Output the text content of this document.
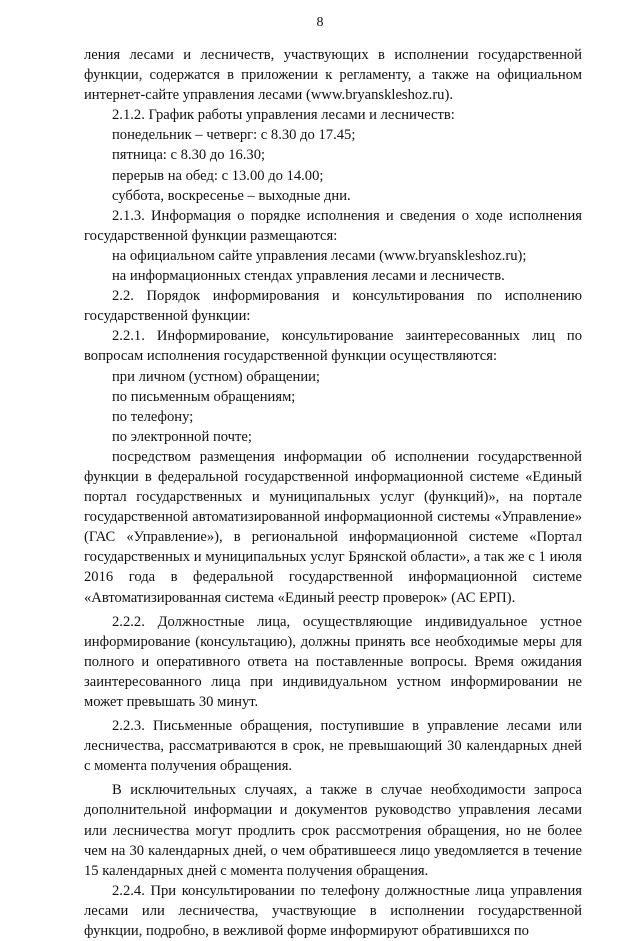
8

ления лесами и лесничеств, участвующих в исполнении государственной функции, содержатся в приложении к регламенту, а также на официальном интернет-сайте управления лесами (www.bryanskleshoz.ru).

2.1.2. График работы управления лесами и лесничеств:

понедельник – четверг: с 8.30 до 17.45;

пятница: с 8.30 до 16.30;

перерыв на обед: с 13.00 до 14.00;

суббота, воскресенье – выходные дни.

2.1.3. Информация о порядке исполнения и сведения о ходе исполнения государственной функции размещаются:

на официальном сайте управления лесами (www.bryanskleshoz.ru);

на информационных стендах управления лесами и лесничеств.

2.2. Порядок информирования и консультирования по исполнению государственной функции:

2.2.1. Информирование, консультирование заинтересованных лиц по вопросам исполнения государственной функции осуществляются:

при личном (устном) обращении;

по письменным обращениям;

по телефону;

по электронной почте;

посредством размещения информации об исполнении государственной функции в федеральной государственной информационной системе «Единый портал государственных и муниципальных услуг (функций)», на портале государственной автоматизированной информационной системы «Управление» (ГАС «Управление»), в региональной информационной системе «Портал государственных и муниципальных услуг Брянской области», а так же с 1 июля 2016 года в федеральной государственной информационной системе «Автоматизированная система «Единый реестр проверок» (АС ЕРП).

2.2.2. Должностные лица, осуществляющие индивидуальное устное информирование (консультацию), должны принять все необходимые меры для полного и оперативного ответа на поставленные вопросы. Время ожидания заинтересованного лица при индивидуальном устном информировании не может превышать 30 минут.

2.2.3. Письменные обращения, поступившие в управление лесами или лесничества, рассматриваются в срок, не превышающий 30 календарных дней с момента получения обращения.

В исключительных случаях, а также в случае необходимости запроса дополнительной информации и документов руководство управления лесами или лесничества могут продлить срок рассмотрения обращения, но не более чем на 30 календарных дней, о чем обратившееся лицо уведомляется в течение 15 календарных дней с момента получения обращения.

2.2.4. При консультировании по телефону должностные лица управления лесами или лесничества, участвующие в исполнении государственной функции, подробно, в вежливой форме информируют обратившихся по
